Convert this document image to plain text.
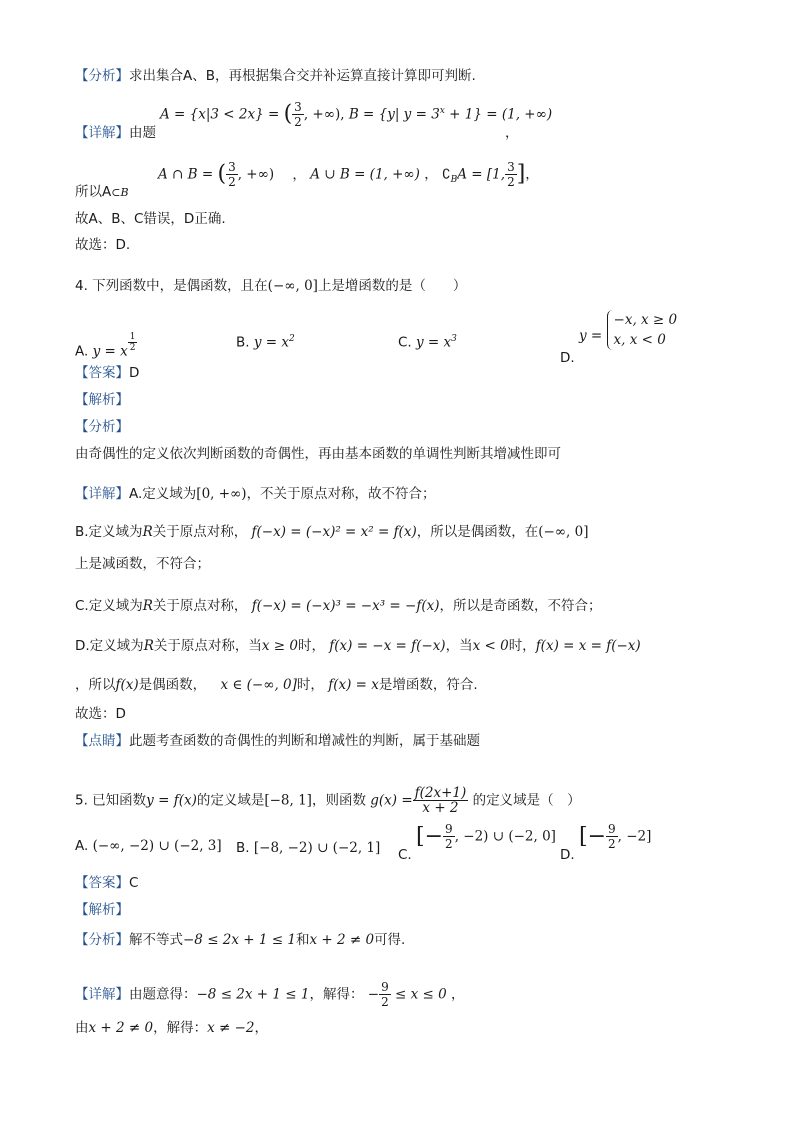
【分析】求出集合A、B，再根据集合交并补运算直接计算即可判断.
A = {x|3 < 2x} = ( $\frac{3}{2}$ , +∞), B = {y| $y = 3^x + 1\} = (1$, +∞)
【详解】由题	，
A ∩ B = ( $\frac{3}{2}$ , +∞) ， A ∪ B = (1, +∞) ， $∁_BA = [1$, $\frac{3}{2}$ ]，
所以A⊂B
故A、B、C错误，D正确.
故选：D.
4. 下列函数中，是偶函数，且在(−∞, 0]上是增函数的是（　　）
A. y = x $\frac{1}{2}$	B. $y = x^2$	C. $y = x^3$
D. y =
−x, x ≥ 0
x, x < 0
【答案】D
【解析】
【分析】
由奇偶性的定义依次判断函数的奇偶性，再由基本函数的单调性判断其增减性即可
【详解】A.定义域为[0, +∞)，不关于原点对称，故不符合；
B.定义域为R关于原点对称， f(−x) = (−x)² = x² = f(x)，所以是偶函数，在(−∞, 0]
上是减函数，不符合；
C.定义域为R关于原点对称， f(−x) = (−x)³ = −x³ = −f(x)，所以是奇函数，不符合；
D.定义域为R关于原点对称，当x ≥ 0时， f(x) = −x = f(−x)，当x < 0时，f(x) = x = f(−x)
，所以f(x)是偶函数， x ∈ (−∞, 0]时， f(x) = x是增函数，符合.
故选：D
【点睛】此题考查函数的奇偶性的判断和增减性的判断，属于基础题
5. 已知函数y = f(x)的定义域是[−8, 1]，则函数 $g(x) = \frac{f(2x+1)}{x + 2}$ 的定义域是（　）
A. (−∞, −2) ∪ (−2, 3] B. [−8, −2) ∪ (−2, 1] C. [− $\frac{9}{2}$ , −2) ∪ (−2, 0]
D. [− $\frac{9}{2}$ , −2]
【答案】C
【解析】
【分析】解不等式−8 ≤ 2x + 1 ≤ 1和x + 2 ≠ 0可得.
【详解】由题意得：−8 ≤ 2x + 1 ≤ 1，解得： − $\frac{9}{2} \le x \le 0$ ，
由x + 2 ≠ 0，解得：x ≠ −2，
